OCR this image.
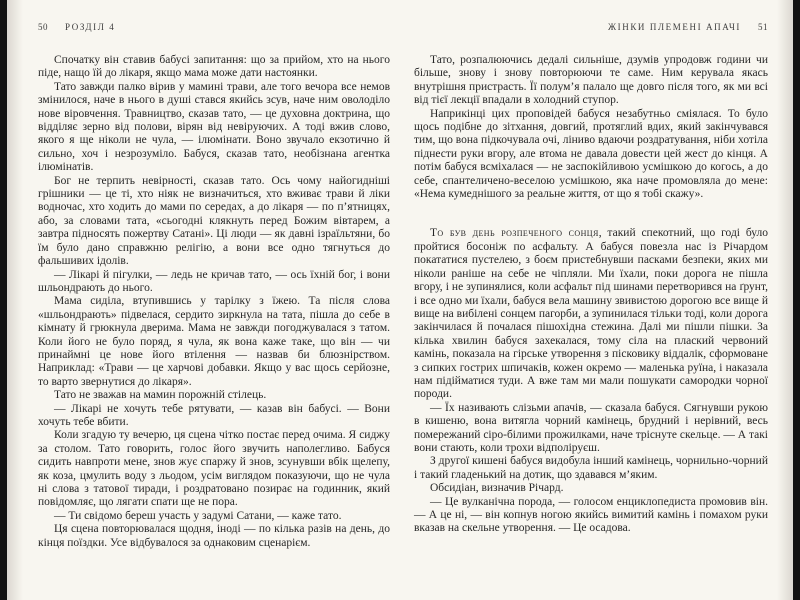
50 РОЗДІЛ 4

Спочатку він ставив бабусі запитання: що за прийом, хто на нього піде, нащо їй до лікаря, якщо мама може дати настоянки.

Тато завжди палко вірив у мамині трави, але того вечора все немов змінилося, наче в нього в душі стався якийсь зсув, наче ним оволоділо нове віровчення. Травництво, сказав тато, — це духовна доктрина, що відділяє зерно від полови, вірян від невіруючих. А тоді вжив слово, якого я ще ніколи не чула, — ілюмінати. Воно звучало екзотично й сильно, хоч і незрозуміло. Бабуся, сказав тато, необізнана агентка ілюмінатів.

Бог не терпить невірності, сказав тато. Ось чому найогидніші грішники — це ті, хто ніяк не визначиться, хто вживає трави й ліки водночас, хто ходить до мами по середах, а до лікаря — по п’ятницях, або, за словами тата, «сьогодні клякнуть перед Божим вівтарем, а завтра підносять пожертву Сатані». Ці люди — як давні ізраїльтяни, бо їм було дано справжню релігію, а вони все одно тягнуться до фальшивих ідолів.

— Лікарі й пігулки, — ледь не кричав тато, — ось їхній бог, і вони шльондрають до нього.

Мама сиділа, втупившись у тарілку з їжею. Та після слова «шльондрають» підвелася, сердито зиркнула на тата, пішла до себе в кімнату й грюкнула дверима. Мама не завжди погоджувалася з татом. Коли його не було поряд, я чула, як вона каже таке, що він — чи принаймні це нове його втілення — назвав би блюзнірством. Наприклад: «Трави — це харчові добавки. Якщо у вас щось серйозне, то варто звернутися до лікаря».

Тато не зважав на мамин порожній стілець.

— Лікарі не хочуть тебе рятувати, — казав він бабусі. — Вони хочуть тебе вбити.

Коли згадую ту вечерю, ця сцена чітко постає перед очима. Я сиджу за столом. Тато говорить, голос його звучить наполегливо. Бабуся сидить навпроти мене, знов жує спаржу й знов, зсунувши вбік щелепу, як коза, цмулить воду з льодом, усім виглядом показуючи, що не чула ні слова з татової тиради, і роздратовано позирає на годинник, який повідомляє, що лягати спати ще не пора.

— Ти свідомо береш участь у задумі Сатани, — каже тато.

Ця сцена повторювалася щодня, іноді — по кілька разів на день, до кінця поїздки. Усе відбувалося за однаковим сценарієм.

ЖІНКИ ПЛЕМЕНІ АПАЧІ 51

Тато, розпалюючись дедалі сильніше, дзумів упродовж години чи більше, знову і знову повторюючи те саме. Ним керувала якась внутрішня пристрасть. Її полум’я палало ще довго після того, як ми всі від тієї лекції впадали в холодний ступор.

Наприкінці цих проповідей бабуся незабутньо сміялася. То було щось подібне до зітхання, довгий, протяглий вдих, який закінчувався тим, що вона підкочувала очі, ліниво вдаючи роздратування, ніби хотіла піднести руки вгору, але втома не давала довести цей жест до кінця. А потім бабуся всміхалася — не заспокійливою усмішкою до когось, а до себе, спантеличено-веселою усмішкою, яка наче промовляла до мене: «Нема кумеднішого за реальне життя, от що я тобі скажу».

То був день розпеченого сонця, такий спекотний, що годі було пройтися босоніж по асфальту. А бабуся повезла нас із Річардом покататися пустелею, з боєм пристебнувши пасками безпеки, яких ми ніколи раніше на себе не чіпляли. Ми їхали, поки дорога не пішла вгору, і не зупинялися, коли асфальт під шинами перетворився на ґрунт, і все одно ми їхали, бабуся вела машину звивистою дорогою все вище й вище на вибілені сонцем пагорби, а зупинилася тільки тоді, коли дорога закінчилася й почалася пішохідна стежина. Далі ми пішли пішки. За кілька хвилин бабуся захекалася, тому сіла на плаский червоний камінь, показала на гірське утворення з пісковику віддалік, сформоване з сипких гострих шпичаків, кожен окремо — маленька руїна, і наказала нам підійматися туди. А вже там ми мали пошукати самородки чорної породи.

— Їх називають слізьми апачів, — сказала бабуся. Сягнувши рукою в кишеню, вона витягла чорний камінець, брудний і нерівний, весь помережаний сіро-білими прожилками, наче тріснуте скельце. — А такі вони стають, коли трохи відполіруєш.

З другої кишені бабуся видобула інший камінець, чорнильно-чорний і такий гладенький на дотик, що здавався м’яким.

Обсидіан, визначив Річард.

— Це вулканічна порода, — голосом енциклопедиста промовив він. — А це ні, — він копнув ногою якийсь вимитий камінь і помахом руки вказав на скельне утворення. — Це осадова.
